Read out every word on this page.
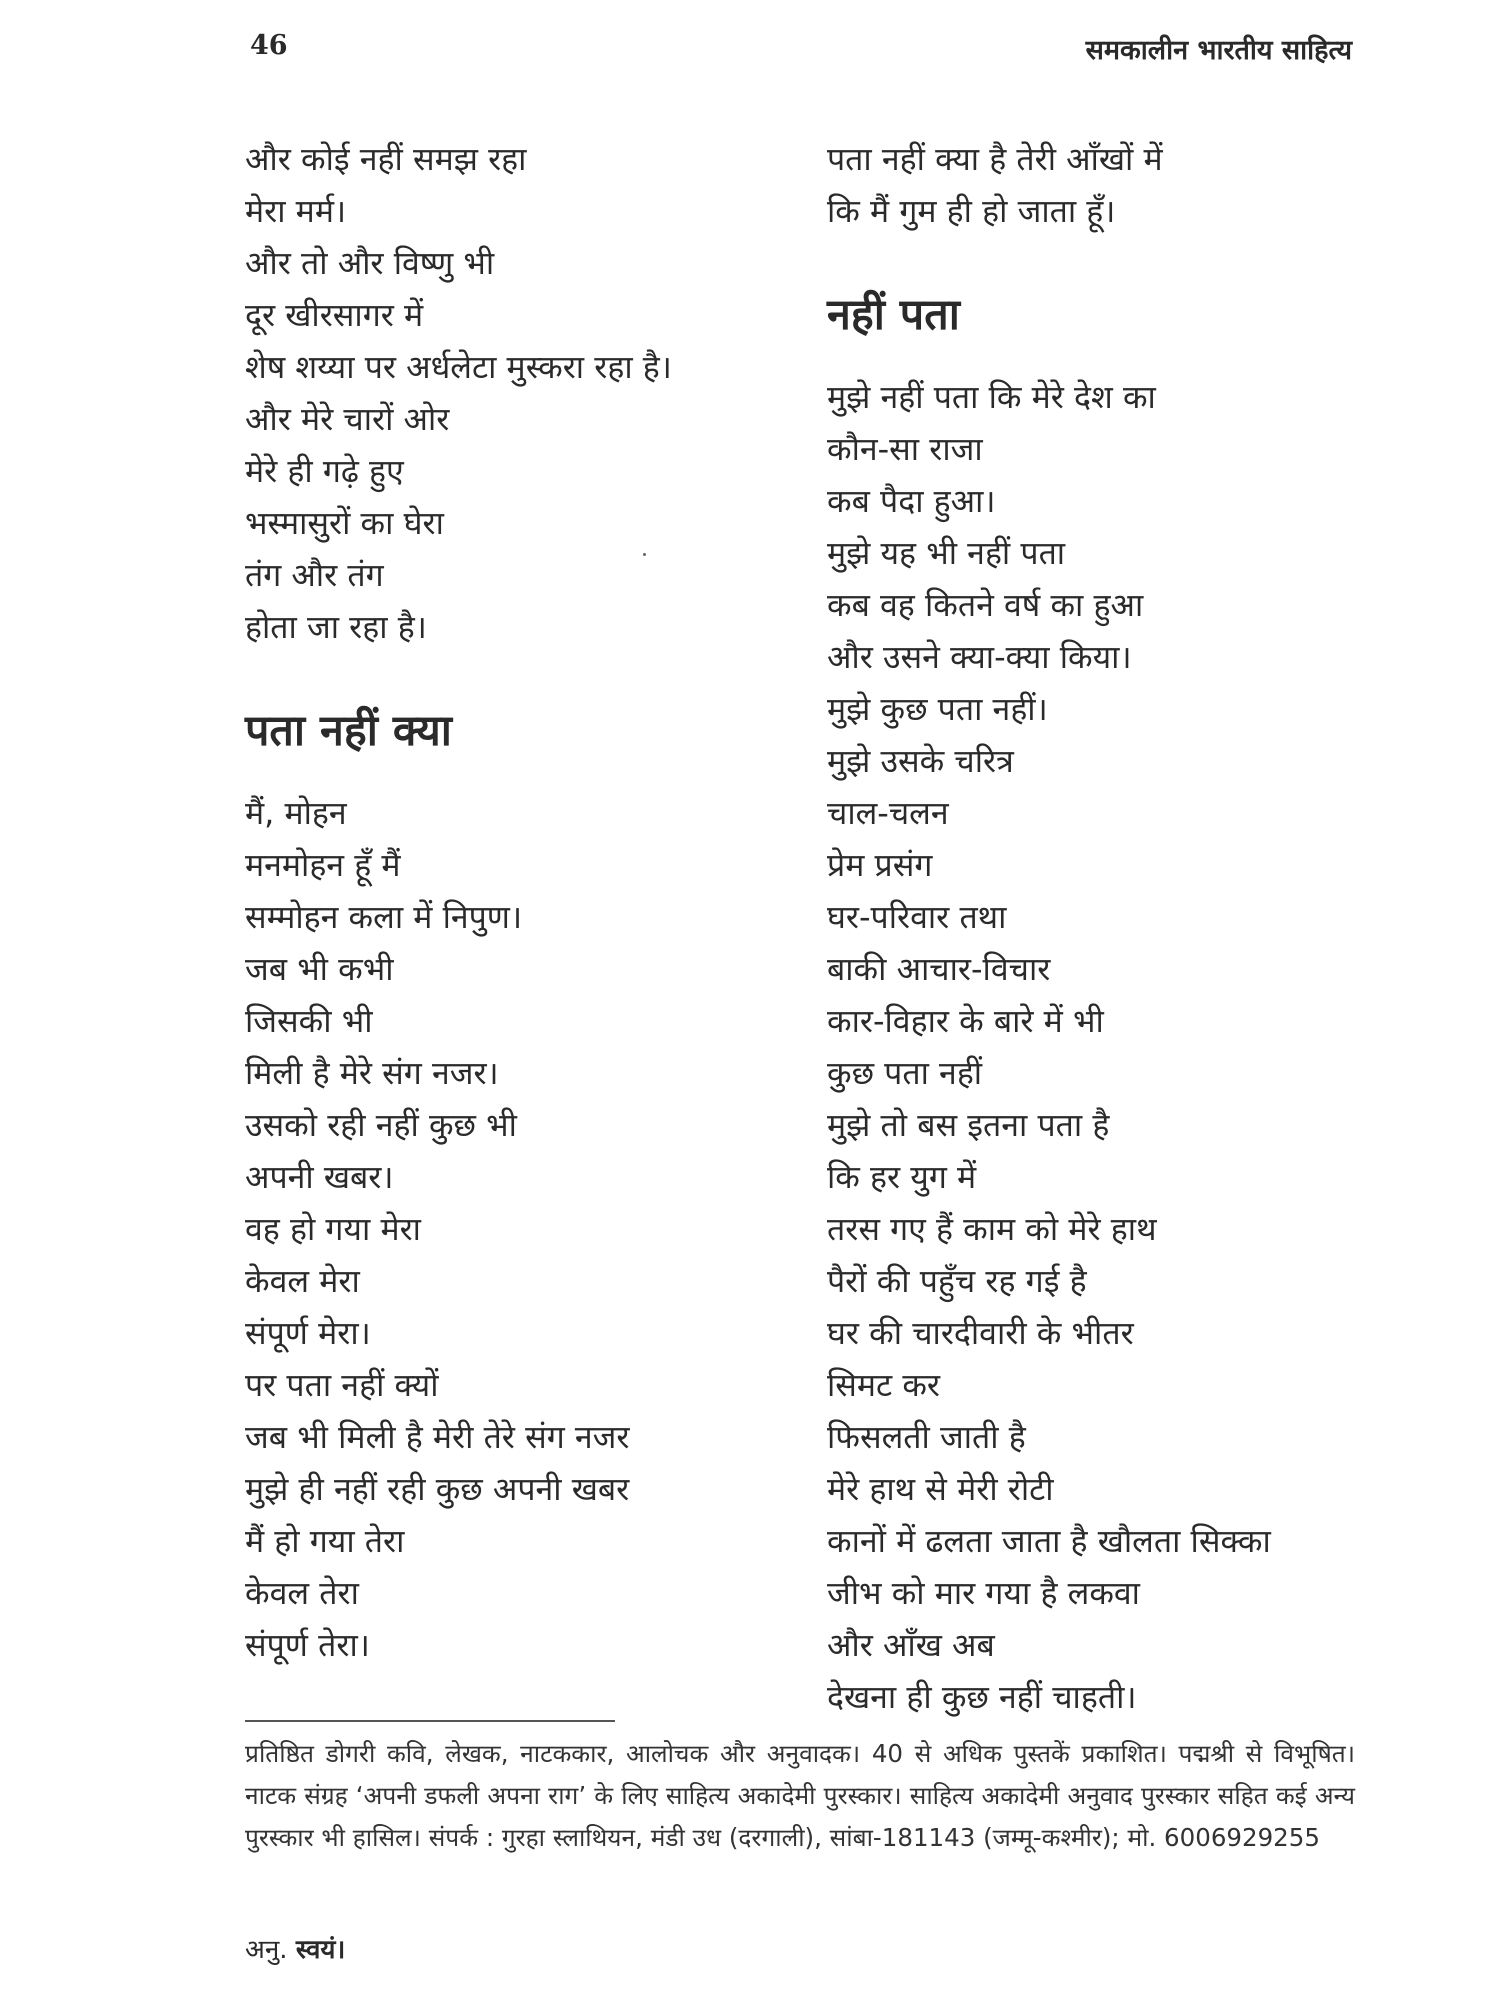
46	समकालीन भारतीय साहित्य
और कोई नहीं समझ रहा
मेरा मर्म।
और तो और विष्णु भी
दूर खीरसागर में
शेष शय्या पर अर्धलेटा मुस्करा रहा है।
और मेरे चारों ओर
मेरे ही गढ़े हुए
भस्मासुरों का घेरा
तंग और तंग
होता जा रहा है।
पता नहीं क्या
मैं, मोहन
मनमोहन हूँ मैं
सम्मोहन कला में निपुण।
जब भी कभी
जिसकी भी
मिली है मेरे संग नजर।
उसको रही नहीं कुछ भी
अपनी खबर।
वह हो गया मेरा
केवल मेरा
संपूर्ण मेरा।
पर पता नहीं क्यों
जब भी मिली है मेरी तेरे संग नजर
मुझे ही नहीं रही कुछ अपनी खबर
मैं हो गया तेरा
केवल तेरा
संपूर्ण तेरा।
पता नहीं क्या है तेरी आँखों में
कि मैं गुम ही हो जाता हूँ।
नहीं पता
मुझे नहीं पता कि मेरे देश का
कौन-सा राजा
कब पैदा हुआ।
मुझे यह भी नहीं पता
कब वह कितने वर्ष का हुआ
और उसने क्या-क्या किया।
मुझे कुछ पता नहीं।
मुझे उसके चरित्र
चाल-चलन
प्रेम प्रसंग
घर-परिवार तथा
बाकी आचार-विचार
कार-विहार के बारे में भी
कुछ पता नहीं
मुझे तो बस इतना पता है
कि हर युग में
तरस गए हैं काम को मेरे हाथ
पैरों की पहुँच रह गई है
घर की चारदीवारी के भीतर
सिमट कर
फिसलती जाती है
मेरे हाथ से मेरी रोटी
कानों में ढलता जाता है खौलता सिक्का
जीभ को मार गया है लकवा
और आँख अब
देखना ही कुछ नहीं चाहती।
प्रतिष्ठित डोगरी कवि, लेखक, नाटककार, आलोचक और अनुवादक। 40 से अधिक पुस्तकें प्रकाशित। पद्मश्री से विभूषित। नाटक संग्रह ‘अपनी डफली अपना राग’ के लिए साहित्य अकादेमी पुरस्कार। साहित्य अकादेमी अनुवाद पुरस्कार सहित कई अन्य पुरस्कार भी हासिल। संपर्क : गुरहा स्लाथियन, मंडी उध (दरगाली), सांबा-181143 (जम्मू-कश्मीर); मो. 6006929255
अनु. स्वयं।
